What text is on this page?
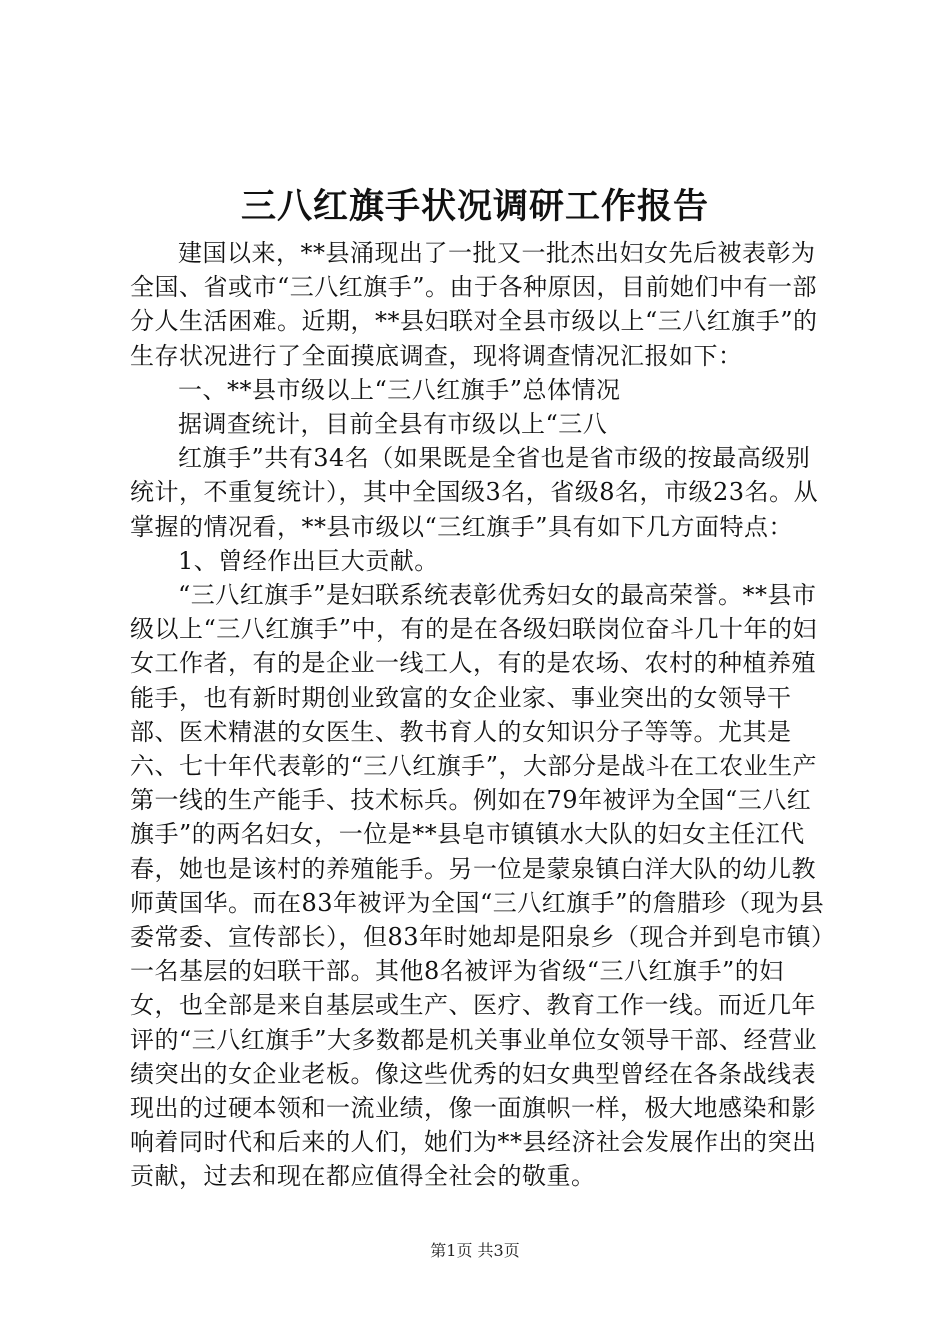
三八红旗手状况调研工作报告

建国以来，**县涌现出了一批又一批杰出妇女先后被表彰为全国、省或市“三八红旗手”。由于各种原因，目前她们中有一部分人生活困难。近期，**县妇联对全县市级以上“三八红旗手”的生存状况进行了全面摸底调查，现将调查情况汇报如下：

一、**县市级以上“三八红旗手”总体情况

据调查统计，目前全县有市级以上“三八

红旗手”共有34名（如果既是全省也是省市级的按最高级别统计，不重复统计），其中全国级3名，省级8名，市级23名。从掌握的情况看，**县市级以“三红旗手”具有如下几方面特点：

1、曾经作出巨大贡献。

“三八红旗手”是妇联系统表彰优秀妇女的最高荣誉。**县市级以上“三八红旗手”中，有的是在各级妇联岗位奋斗几十年的妇女工作者，有的是企业一线工人，有的是农场、农村的种植养殖能手，也有新时期创业致富的女企业家、事业突出的女领导干部、医术精湛的女医生、教书育人的女知识分子等等。尤其是六、七十年代表彰的“三八红旗手”，大部分是战斗在工农业生产第一线的生产能手、技术标兵。例如在79年被评为全国“三八红旗手”的两名妇女，一位是**县皂市镇镇水大队的妇女主任江代春，她也是该村的养殖能手。另一位是蒙泉镇白洋大队的幼儿教师黄国华。而在83年被评为全国“三八红旗手”的詹腊珍（现为县委常委、宣传部长），但83年时她却是阳泉乡（现合并到皂市镇）一名基层的妇联干部。其他8名被评为省级“三八红旗手”的妇女，也全部是来自基层或生产、医疗、教育工作一线。而近几年评的“三八红旗手”大多数都是机关事业单位女领导干部、经营业绩突出的女企业老板。像这些优秀的妇女典型曾经在各条战线表现出的过硬本领和一流业绩，像一面旗帜一样，极大地感染和影响着同时代和后来的人们，她们为**县经济社会发展作出的突出贡献，过去和现在都应值得全社会的敬重。

第1页 共3页
